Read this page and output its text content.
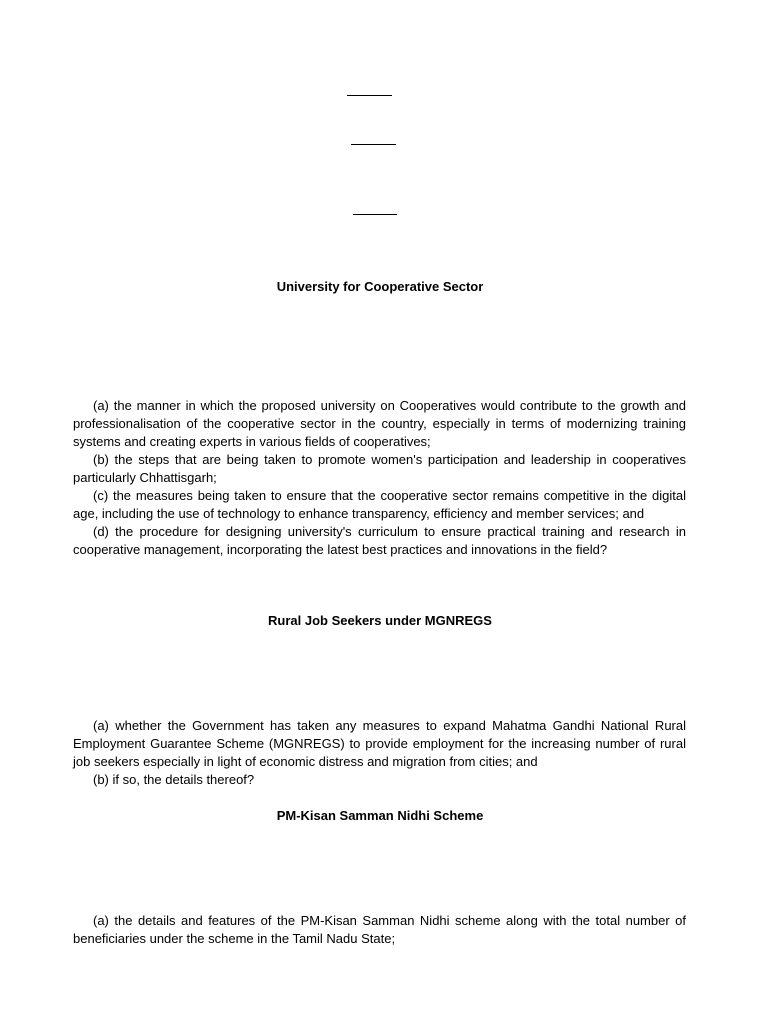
University for Cooperative Sector

(a) the manner in which the proposed university on Cooperatives would contribute to the growth and professionalisation of the cooperative sector in the country, especially in terms of modernizing training systems and creating experts in various fields of cooperatives;

(b) the steps that are being taken to promote women's participation and leadership in cooperatives particularly Chhattisgarh;

(c) the measures being taken to ensure that the cooperative sector remains competitive in the digital age, including the use of technology to enhance transparency, efficiency and member services; and

(d) the procedure for designing university's curriculum to ensure practical training and research in cooperative management, incorporating the latest best practices and innovations in the field?

Rural Job Seekers under MGNREGS

(a) whether the Government has taken any measures to expand Mahatma Gandhi National Rural Employment Guarantee Scheme (MGNREGS) to provide employment for the increasing number of rural job seekers especially in light of economic distress and migration from cities; and

(b) if so, the details thereof?

PM-Kisan Samman Nidhi Scheme

(a) the details and features of the PM-Kisan Samman Nidhi scheme along with the total number of beneficiaries under the scheme in the Tamil Nadu State;
